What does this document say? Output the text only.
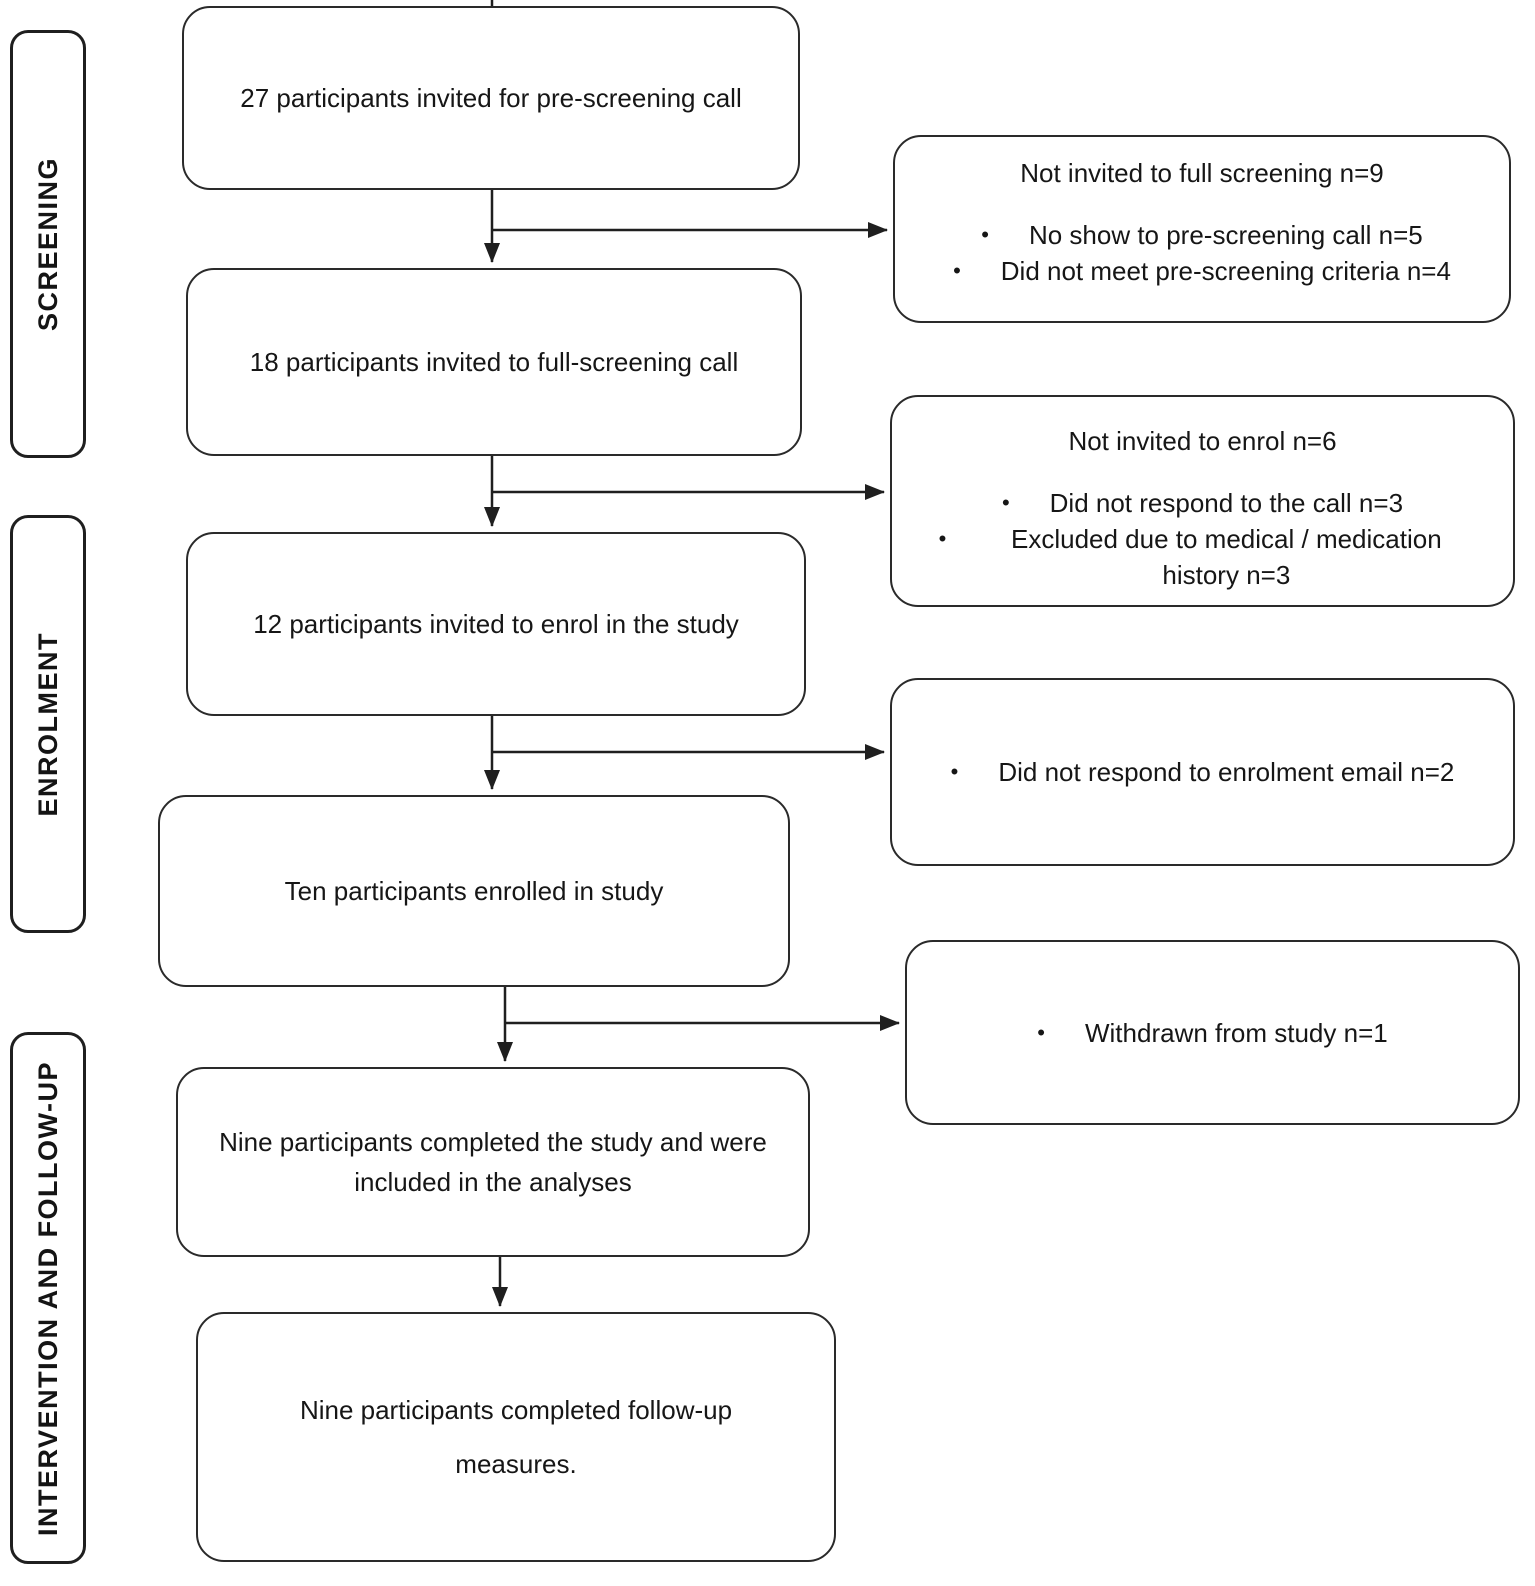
SCREENING
ENROLMENT
INTERVENTION AND FOLLOW-UP
27 participants invited for pre-screening call
18 participants invited to full-screening call
12 participants invited to enrol in the study
Ten participants enrolled in study
Nine participants completed the study and were included in the analyses
Nine participants completed follow-up measures.
Not invited to full screening n=9
• No show to pre-screening call n=5
• Did not meet pre-screening criteria n=4
Not invited to enrol n=6
• Did not respond to the call n=3
•	Excluded due to medical / medication history n=3
• Did not respond to enrolment email n=2
• Withdrawn from study n=1
